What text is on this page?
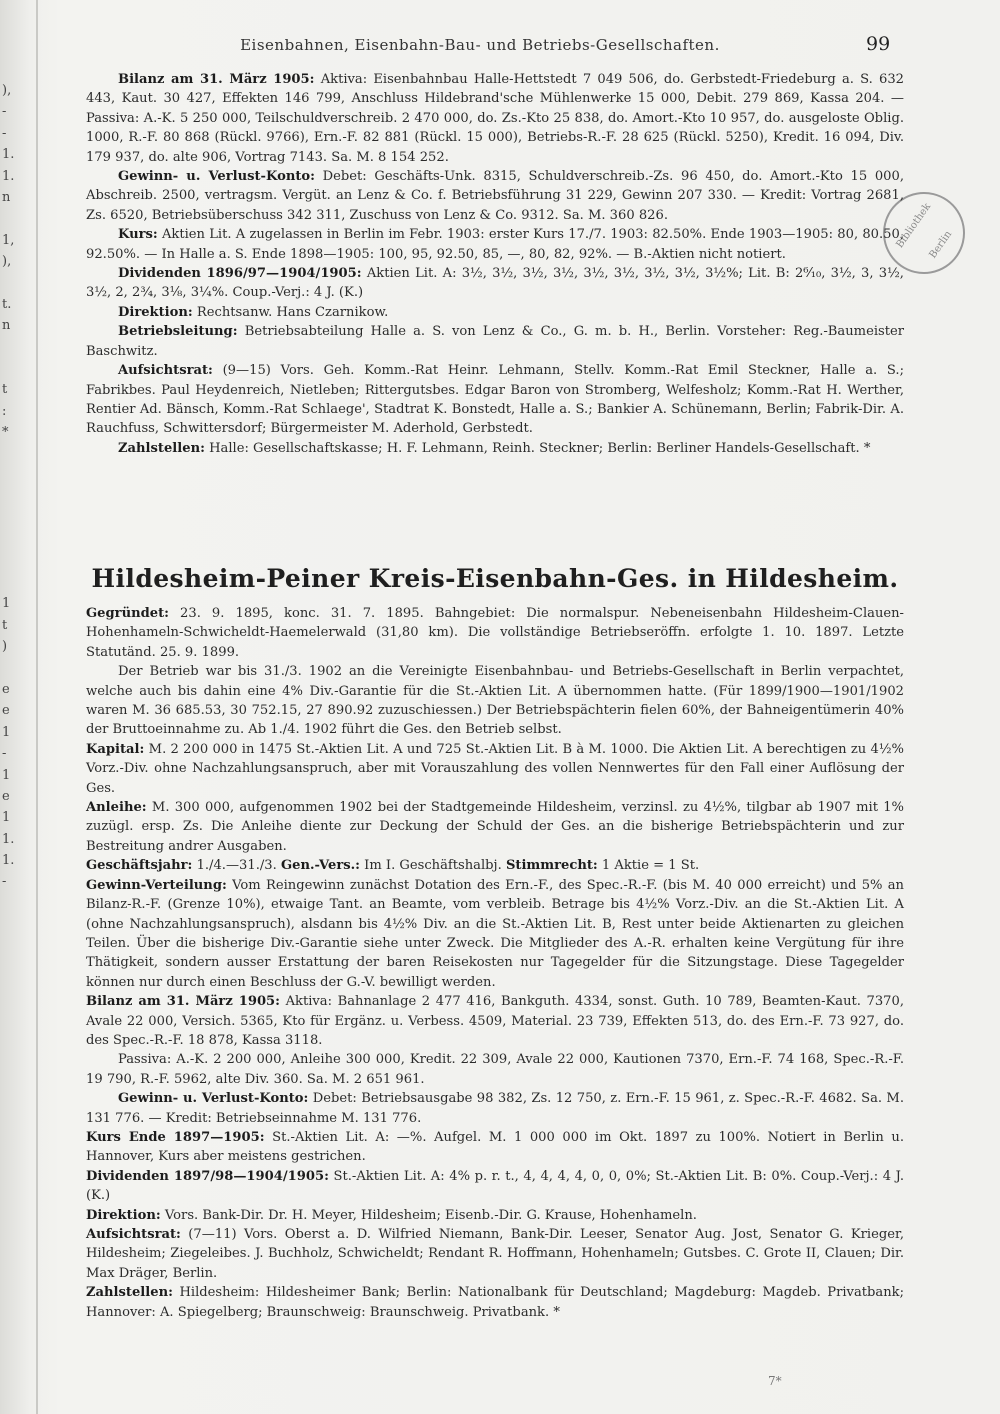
),
-
-
1.
1.
n
1,
),
t.
n
t
:
*
1
t
)
e
e
1
-
1
e
1
1.
1.
-
Eisenbahnen, Eisenbahn-Bau- und Betriebs-Gesellschaften.	99
Bibliothek
Berlin

Bilanz am 31. März 1905: Aktiva: Eisenbahnbau Halle-Hettstedt 7 049 506, do. Gerbstedt-Friedeburg a. S. 632 443, Kaut. 30 427, Effekten 146 799, Anschluss Hildebrand'sche Mühlenwerke 15 000, Debit. 279 869, Kassa 204. — Passiva: A.-K. 5 250 000, Teilschuldverschreib. 2 470 000, do. Zs.-Kto 25 838, do. Amort.-Kto 10 957, do. ausgeloste Oblig. 1000, R.-F. 80 868 (Rückl. 9766), Ern.-F. 82 881 (Rückl. 15 000), Betriebs-R.-F. 28 625 (Rückl. 5250), Kredit. 16 094, Div. 179 937, do. alte 906, Vortrag 7143. Sa. M. 8 154 252.

Gewinn- u. Verlust-Konto: Debet: Geschäfts-Unk. 8315, Schuldverschreib.-Zs. 96 450, do. Amort.-Kto 15 000, Abschreib. 2500, vertragsm. Vergüt. an Lenz & Co. f. Betriebsführung 31 229, Gewinn 207 330. — Kredit: Vortrag 2681, Zs. 6520, Betriebsüberschuss 342 311, Zuschuss von Lenz & Co. 9312. Sa. M. 360 826.

Kurs: Aktien Lit. A zugelassen in Berlin im Febr. 1903: erster Kurs 17./7. 1903: 82.50%. Ende 1903—1905: 80, 80.50, 92.50%. — In Halle a. S. Ende 1898—1905: 100, 95, 92.50, 85, —, 80, 82, 92%. — B.-Aktien nicht notiert.

Dividenden 1896/97—1904/1905: Aktien Lit. A: 3½, 3½, 3½, 3½, 3½, 3½, 3½, 3½, 3½%; Lit. B: 2⁶⁄₁₀, 3½, 3, 3½, 3½, 2, 2¾, 3⅛, 3¼%. Coup.-Verj.: 4 J. (K.)

Direktion: Rechtsanw. Hans Czarnikow.

Betriebsleitung: Betriebsabteilung Halle a. S. von Lenz & Co., G. m. b. H., Berlin. Vorsteher: Reg.-Baumeister Baschwitz.

Aufsichtsrat: (9—15) Vors. Geh. Komm.-Rat Heinr. Lehmann, Stellv. Komm.-Rat Emil Steckner, Halle a. S.; Fabrikbes. Paul Heydenreich, Nietleben; Rittergutsbes. Edgar Baron von Stromberg, Welfesholz; Komm.-Rat H. Werther, Rentier Ad. Bänsch, Komm.-Rat Schlaege', Stadtrat K. Bonstedt, Halle a. S.; Bankier A. Schünemann, Berlin; Fabrik-Dir. A. Rauchfuss, Schwittersdorf; Bürgermeister M. Aderhold, Gerbstedt.

Zahlstellen: Halle: Gesellschaftskasse; H. F. Lehmann, Reinh. Steckner; Berlin: Berliner Handels-Gesellschaft. *

Hildesheim-Peiner Kreis-Eisenbahn-Ges. in Hildesheim.

Gegründet: 23. 9. 1895, konc. 31. 7. 1895. Bahngebiet: Die normalspur. Nebeneisenbahn Hildesheim-Clauen-Hohenhameln-Schwicheldt-Haemelerwald (31,80 km). Die vollständige Betriebseröffn. erfolgte 1. 10. 1897. Letzte Statutänd. 25. 9. 1899.

Der Betrieb war bis 31./3. 1902 an die Vereinigte Eisenbahnbau- und Betriebs-Gesellschaft in Berlin verpachtet, welche auch bis dahin eine 4% Div.-Garantie für die St.-Aktien Lit. A übernommen hatte. (Für 1899/1900—1901/1902 waren M. 36 685.53, 30 752.15, 27 890.92 zuzuschiessen.) Der Betriebspächterin fielen 60%, der Bahneigentümerin 40% der Bruttoeinnahme zu. Ab 1./4. 1902 führt die Ges. den Betrieb selbst.

Kapital: M. 2 200 000 in 1475 St.-Aktien Lit. A und 725 St.-Aktien Lit. B à M. 1000. Die Aktien Lit. A berechtigen zu 4½% Vorz.-Div. ohne Nachzahlungsanspruch, aber mit Vorauszahlung des vollen Nennwertes für den Fall einer Auflösung der Ges.

Anleihe: M. 300 000, aufgenommen 1902 bei der Stadtgemeinde Hildesheim, verzinsl. zu 4½%, tilgbar ab 1907 mit 1% zuzügl. ersp. Zs. Die Anleihe diente zur Deckung der Schuld der Ges. an die bisherige Betriebspächterin und zur Bestreitung andrer Ausgaben.

Geschäftsjahr: 1./4.—31./3. Gen.-Vers.: Im I. Geschäftshalbj. Stimmrecht: 1 Aktie = 1 St.

Gewinn-Verteilung: Vom Reingewinn zunächst Dotation des Ern.-F., des Spec.-R.-F. (bis M. 40 000 erreicht) und 5% an Bilanz-R.-F. (Grenze 10%), etwaige Tant. an Beamte, vom verbleib. Betrage bis 4½% Vorz.-Div. an die St.-Aktien Lit. A (ohne Nachzahlungsanspruch), alsdann bis 4½% Div. an die St.-Aktien Lit. B, Rest unter beide Aktienarten zu gleichen Teilen. Über die bisherige Div.-Garantie siehe unter Zweck. Die Mitglieder des A.-R. erhalten keine Vergütung für ihre Thätigkeit, sondern ausser Erstattung der baren Reisekosten nur Tagegelder für die Sitzungstage. Diese Tagegelder können nur durch einen Beschluss der G.-V. bewilligt werden.

Bilanz am 31. März 1905: Aktiva: Bahnanlage 2 477 416, Bankguth. 4334, sonst. Guth. 10 789, Beamten-Kaut. 7370, Avale 22 000, Versich. 5365, Kto für Ergänz. u. Verbess. 4509, Material. 23 739, Effekten 513, do. des Ern.-F. 73 927, do. des Spec.-R.-F. 18 878, Kassa 3118.

Passiva: A.-K. 2 200 000, Anleihe 300 000, Kredit. 22 309, Avale 22 000, Kautionen 7370, Ern.-F. 74 168, Spec.-R.-F. 19 790, R.-F. 5962, alte Div. 360. Sa. M. 2 651 961.

Gewinn- u. Verlust-Konto: Debet: Betriebsausgabe 98 382, Zs. 12 750, z. Ern.-F. 15 961, z. Spec.-R.-F. 4682. Sa. M. 131 776. — Kredit: Betriebseinnahme M. 131 776.

Kurs Ende 1897—1905: St.-Aktien Lit. A: —%. Aufgel. M. 1 000 000 im Okt. 1897 zu 100%. Notiert in Berlin u. Hannover, Kurs aber meistens gestrichen.

Dividenden 1897/98—1904/1905: St.-Aktien Lit. A: 4% p. r. t., 4, 4, 4, 4, 0, 0, 0%; St.-Aktien Lit. B: 0%. Coup.-Verj.: 4 J. (K.)

Direktion: Vors. Bank-Dir. Dr. H. Meyer, Hildesheim; Eisenb.-Dir. G. Krause, Hohenhameln.

Aufsichtsrat: (7—11) Vors. Oberst a. D. Wilfried Niemann, Bank-Dir. Leeser, Senator Aug. Jost, Senator G. Krieger, Hildesheim; Ziegeleibes. J. Buchholz, Schwicheldt; Rendant R. Hoffmann, Hohenhameln; Gutsbes. C. Grote II, Clauen; Dir. Max Dräger, Berlin.

Zahlstellen: Hildesheim: Hildesheimer Bank; Berlin: Nationalbank für Deutschland; Magdeburg: Magdeb. Privatbank; Hannover: A. Spiegelberg; Braunschweig: Braunschweig. Privatbank. *

7*
